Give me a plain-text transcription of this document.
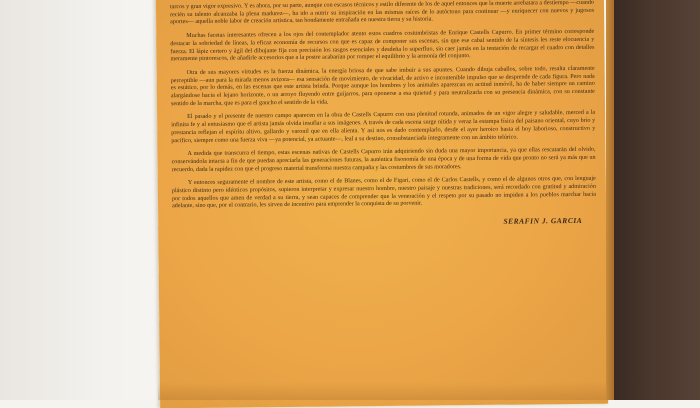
tarcos y gran vigor expresivo. Y es ahora, por su parte, aunque con escasos técnicos y estilo diferente de los de aquel entonces que la muerte arrebatara a destiempo —cuando recién su talento alcanzaba la plena madurez—, ha ido a nutrir su inspiración en las mismas raíces de lo autóctono para continuar —y enriquecer con nuevos y jugosos aportes— aquella noble labor de creación artística, tan hondamente entrañada en nuestra tierra y su historia.

Muchas facetas interesantes ofrecen a los ojos del contemplador atento estos cuadros costumbristas de Enrique Castells Capurro. En primer término corresponde destacar la sobriedad de líneas, la eficaz economía de recursos con que es capaz de componer sus escenas, sin que ese cabal sentido de la síntesis les reste elocuencia y fuerza. El lápiz certero y ágil del dibujante fija con precisión los rasgos esenciales y desdeña lo superfluo, sin caer jamás en la tentación de recargar el cuadro con detalles meramente pintorescos, de añadirle accesorios que a la postre acabarían por romper el equilibrio y la armonía del conjunto.

Otra de sus mayores virtudes es la fuerza dinámica, la energía briosa de que sabe imbuir a sus apuntes. Cuando dibuja caballos, sobre todo, resalta claramente perceptible —aun para la mirada menos avizora— esa sensación de movimiento, de vivacidad, de activo e incontenible impulso que se desprende de cada figura. Pero nada es estático, por lo demás, en las escenas que este artista brinda. Porque aunque los hombres y los animales aparezcan en actitud inmóvil, ha de haber siempre un camino alargándose hacia el lejano horizonte, o un arroyo fluyendo entre guijarros, para oponerse a esa quietud y para neutralizarla con su presencia dinámica, con su constante sentido de la marcha, que es para el gaucho el sentido de la vida.

El pasado y el presente de nuestro campo aparecen en la obra de Castells Capurro con una plenitud rotunda, animados de un vigor alegre y saludable, merced a la infinita fe y al entusiasmo que el artista jamás olvida insuflar a sus imágenes. A través de cada escena surge nítida y veraz la estampa física del paisano oriental, cuyo brío y prestancia reflejan el espíritu altivo, gallardo y varonil que en ella alienta. Y así nos es dado contemplarlo, desde el ayer heroico hasta el hoy laborioso, constructivo y pacífico, siempre como una fuerza viva —ya potencial, ya actuante—, leal a su destino, consubstanciada íntegramente con un ámbito telúrico.

A medida que transcurra el tiempo, estas escenas nativas de Castells Capurro irán adquiriendo sin duda una mayor importancia, ya que ellas rescatarán del olvido, conservándola intacta a fin de que puedan apreciarla las generaciones futuras, la auténtica fisonomía de una época y de una forma de vida que pronto no será ya más que un recuerdo, dada la rapidez con que el progreso material transforma nuestra campaña y las costumbres de sus moradores.

Y entonces seguramente el nombre de este artista, como el de Blanes, como el de Figari, como el de Carlos Castells, y como el de algunos otros que, con lenguaje plástico distinto pero idénticos propósitos, supieron interpretar y expresar nuestro hombre, nuestro paisaje y nuestras tradiciones, será recordado con gratitud y admiración por todos aquellos que amen de verdad a su tierra, y sean capaces de comprender que la veneración y el respeto por su pasado no impiden a los pueblos marchar hacia adelante, sino que, por el contrario, les sirven de incentivo para emprender la conquista de su porvenir.

SERAFIN J. GARCIA
